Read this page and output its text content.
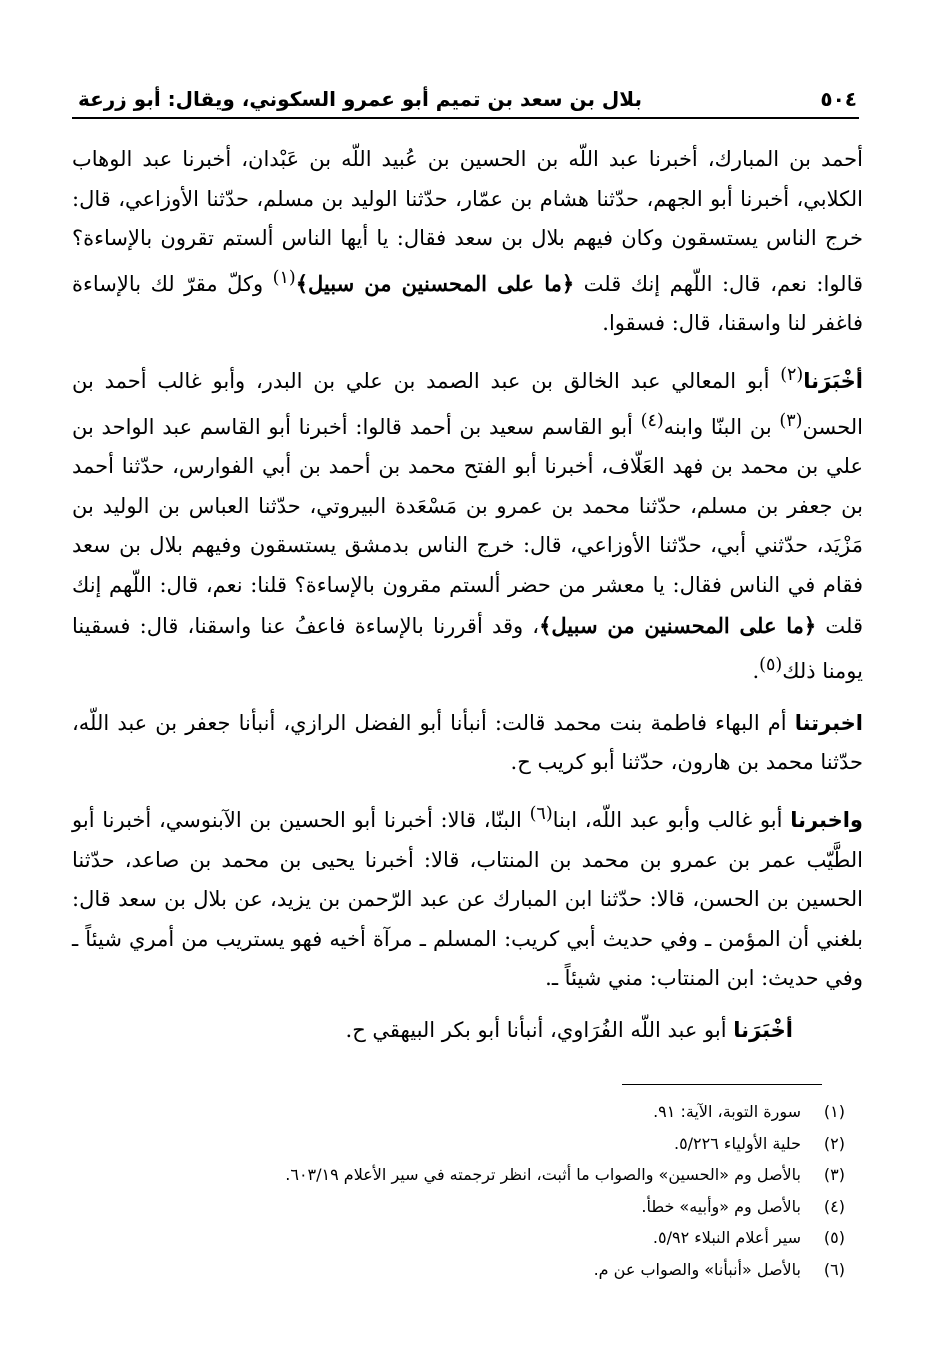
٥٠٤
بلال بن سعد بن تميم أبو عمرو السكوني، ويقال: أبو زرعة

أحمد بن المبارك، أخبرنا عبد اللّه بن الحسين بن عُبيد اللّه بن عَبْدان، أخبرنا عبد الوهاب الكلابي، أخبرنا أبو الجهم، حدّثنا هشام بن عمّار، حدّثنا الوليد بن مسلم، حدّثنا الأوزاعي، قال: خرج الناس يستسقون وكان فيهم بلال بن سعد فقال: يا أيها الناس ألستم تقرون بالإساءة؟ قالوا: نعم، قال: اللّهم إنك قلت ﴿ما على المحسنين من سبيل﴾$^{(١)}$ وكلّ مقرّ لك بالإساءة فاغفر لنا واسقنا، قال: فسقوا.

أخْبَرَنا$^{(٢)}$ أبو المعالي عبد الخالق بن عبد الصمد بن علي بن البدر، وأبو غالب أحمد بن الحسن$^{(٣)}$ بن البنّا وابنه$^{(٤)}$ أبو القاسم سعيد بن أحمد قالوا: أخبرنا أبو القاسم عبد الواحد بن علي بن محمد بن فهد العَلّاف، أخبرنا أبو الفتح محمد بن أحمد بن أبي الفوارس، حدّثنا أحمد بن جعفر بن مسلم، حدّثنا محمد بن عمرو بن مَسْعَدة البيروتي، حدّثنا العباس بن الوليد بن مَزْيَد، حدّثني أبي، حدّثنا الأوزاعي، قال: خرج الناس بدمشق يستسقون وفيهم بلال بن سعد فقام في الناس فقال: يا معشر من حضر ألستم مقرون بالإساءة؟ قلنا: نعم، قال: اللّهم إنك قلت ﴿ما على المحسنين من سبيل﴾، وقد أقررنا بالإساءة فاعفُ عنا واسقنا، قال: فسقينا يومنا ذلك$^{(٥)}$.

اخبرتنا أم البهاء فاطمة بنت محمد قالت: أنبأنا أبو الفضل الرازي، أنبأنا جعفر بن عبد اللّه، حدّثنا محمد بن هارون، حدّثنا أبو كريب ح.

واخبرنا أبو غالب وأبو عبد اللّه، ابنا$^{(٦)}$ البنّا، قالا: أخبرنا أبو الحسين بن الآبنوسي، أخبرنا أبو الطَّيّب عمر بن عمرو بن محمد بن المنتاب، قالا: أخبرنا يحيى بن محمد بن صاعد، حدّثنا الحسين بن الحسن، قالا: حدّثنا ابن المبارك عن عبد الرّحمن بن يزيد، عن بلال بن سعد قال: بلغني أن المؤمن ـ وفي حديث أبي كريب: المسلم ـ مرآة أخيه فهو يستريب من أمري شيئاً ـ وفي حديث: ابن المنتاب: مني شيئاً ـ.

أخْبَرَنا أبو عبد اللّه الفُرَاوي، أنبأنا أبو بكر البيهقي ح.

(١)سورة التوبة، الآية: ٩١.
(٢)حلية الأولياء ٥/٢٢٦.
(٣)بالأصل وم «الحسين» والصواب ما أثبت، انظر ترجمته في سير الأعلام ٦٠٣/١٩.
(٤)بالأصل وم «وأبيه» خطأ.
(٥)سير أعلام النبلاء ٥/٩٢.
(٦)بالأصل «أنبأنا» والصواب عن م.
